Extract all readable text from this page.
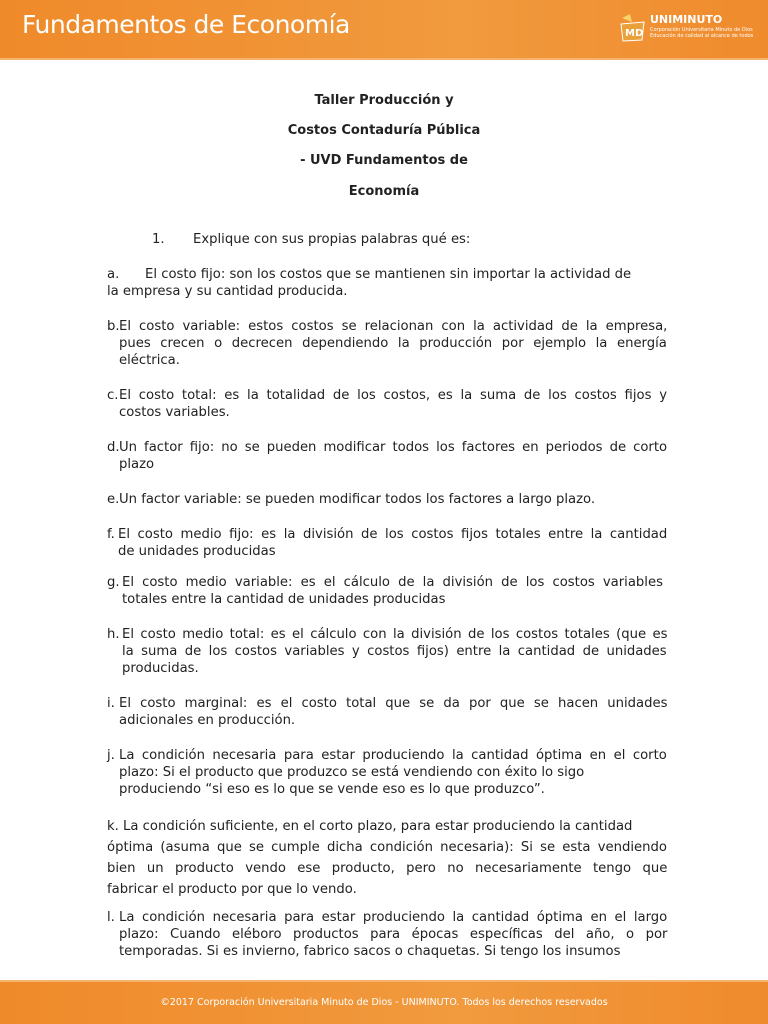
Fundamentos de Economía	MD
UNIMINUTO
Corporación Universitaria Minuto de Dios
Educación de calidad al alcance de todos
Taller Producción y
Costos Contaduría Pública
- UVD Fundamentos de
Economía
1. Explique con sus propias palabras qué es:
a.	El costo fijo: son los costos que se mantienen sin importar la actividad de
la empresa y su cantidad producida.
b. El costo variable: estos costos se relacionan con la actividad de la empresa,
pues crecen o decrecen dependiendo la producción por ejemplo la energía
eléctrica.
c. El costo total: es la totalidad de los costos, es la suma de los costos fijos y
costos variables.
d. Un factor fijo: no se pueden modificar todos los factores en periodos de corto
plazo
e. Un factor variable: se pueden modificar todos los factores a largo plazo.
f. El costo medio fijo: es la división de los costos fijos totales entre la cantidad
de unidades producidas
g. El costo medio variable: es el cálculo de la división de los costos variables
totales entre la cantidad de unidades producidas
h. El costo medio total: es el cálculo con la división de los costos totales (que es
la suma de los costos variables y costos fijos) entre la cantidad de unidades
producidas.
i. El costo marginal: es el costo total que se da por que se hacen unidades
adicionales en producción.
j. La condición necesaria para estar produciendo la cantidad óptima en el corto
plazo: Si el producto que produzco se está vendiendo con éxito lo sigo
produciendo “si eso es lo que se vende eso es lo que produzco”.
k. La condición suficiente, en el corto plazo, para estar produciendo la cantidad
óptima (asuma que se cumple dicha condición necesaria): Si se esta vendiendo
bien un producto vendo ese producto, pero no necesariamente tengo que
fabricar el producto por que lo vendo.
l. La condición necesaria para estar produciendo la cantidad óptima en el largo
plazo: Cuando eléboro productos para épocas específicas del año, o por
temporadas. Si es invierno, fabrico sacos o chaquetas. Si tengo los insumos
©2017 Corporación Universitaria Minuto de Dios - UNIMINUTO. Todos los derechos reservados
